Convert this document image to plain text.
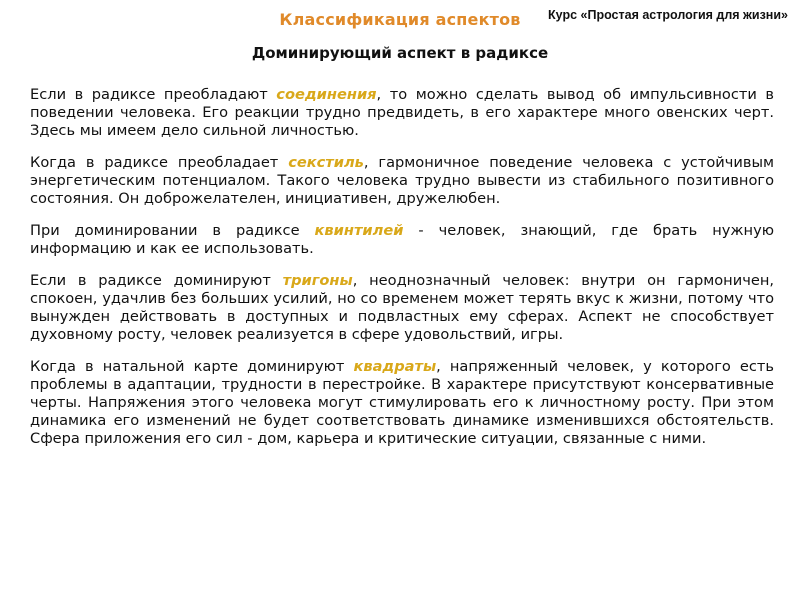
Курс «Простая астрология для жизни»
Классификация аспектов
Доминирующий аспект в радиксе

Если в радиксе преобладают соединения, то можно сделать вывод об импульсивности в поведении человека. Его реакции трудно предвидеть, в его характере много овенских черт. Здесь мы имеем дело сильной личностью.

Когда в радиксе преобладает секстиль, гармоничное поведение человека с устойчивым энергетическим потенциалом. Такого человека трудно вывести из стабильного позитивного состояния. Он доброжелателен, инициативен, дружелюбен.

При доминировании в радиксе квинтилей - человек, знающий, где брать нужную информацию и как ее использовать.

Если в радиксе доминируют тригоны, неоднозначный человек: внутри он гармоничен, спокоен, удачлив без больших усилий, но со временем может терять вкус к жизни, потому что вынужден действовать в доступных и подвластных ему сферах. Аспект не способствует духовному росту, человек реализуется в сфере удовольствий, игры.

Когда в натальной карте доминируют квадраты, напряженный человек, у которого есть проблемы в адаптации, трудности в перестройке. В характере присутствуют консервативные черты. Напряжения этого человека могут стимулировать его к личностному росту. При этом динамика его изменений не будет соответствовать динамике изменившихся обстоятельств. Сфера приложения его сил - дом, карьера и критические ситуации, связанные с ними.
